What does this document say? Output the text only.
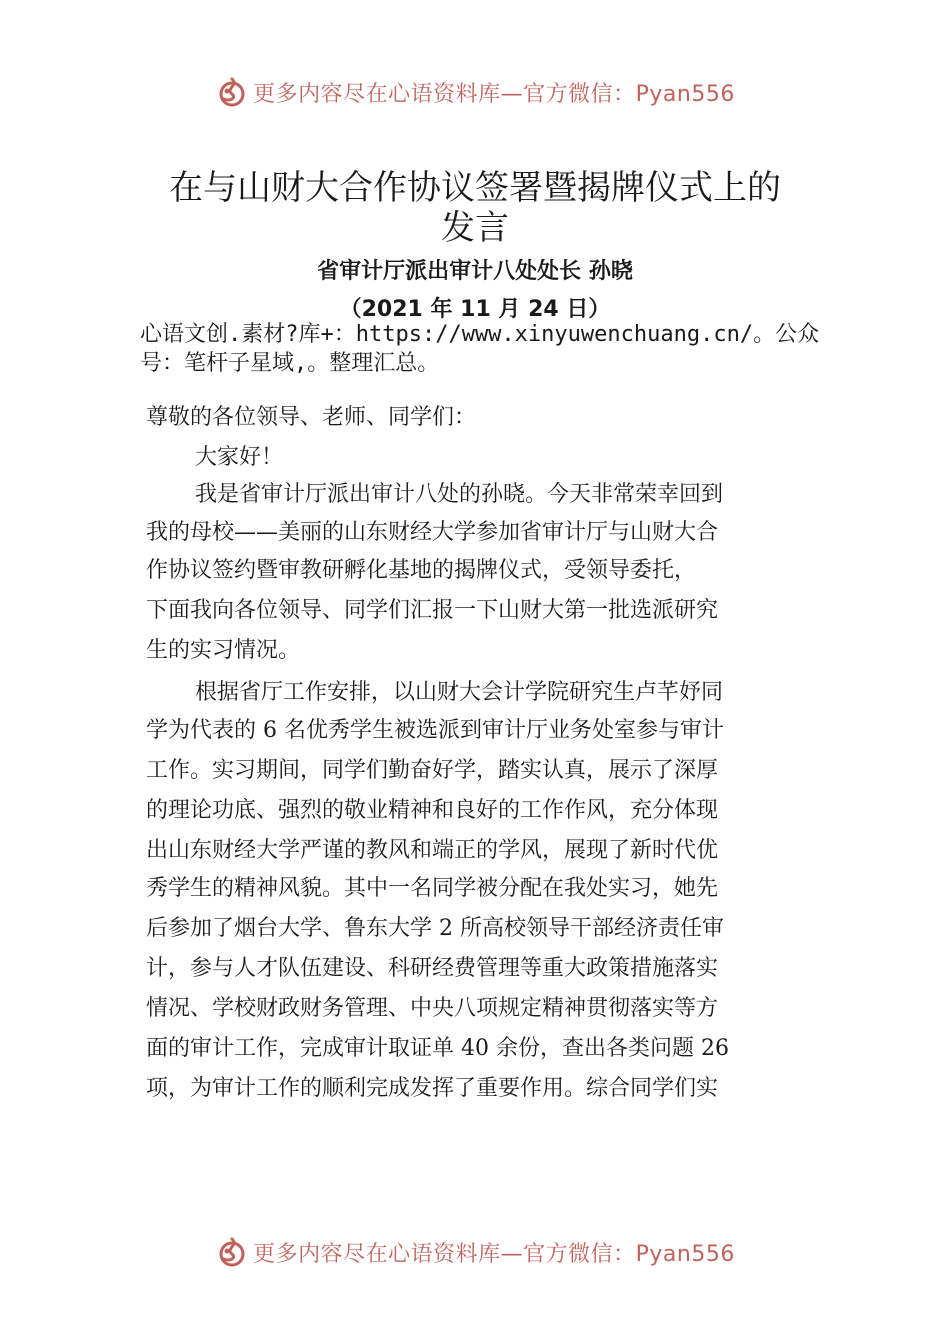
更多内容尽在心语资料库—官方微信：Pyan556
在与山财大合作协议签署暨揭牌仪式上的
发言
省审计厅派出审计八处处长 孙晓
（2021 年 11 月 24 日）
心语文创.素材?库+：https://www.xinyuwenchuang.cn/。公众号：笔杆子星域,。整理汇总。
尊敬的各位领导、老师、同学们：
大家好！
我是省审计厅派出审计八处的孙晓。今天非常荣幸回到
我的母校——美丽的山东财经大学参加省审计厅与山财大合
作协议签约暨审教研孵化基地的揭牌仪式，受领导委托，
下面我向各位领导、同学们汇报一下山财大第一批选派研究
生的实习情况。
根据省厅工作安排，以山财大会计学院研究生卢芊妤同
学为代表的 6 名优秀学生被选派到审计厅业务处室参与审计
工作。实习期间，同学们勤奋好学，踏实认真，展示了深厚
的理论功底、强烈的敬业精神和良好的工作作风，充分体现
出山东财经大学严谨的教风和端正的学风，展现了新时代优
秀学生的精神风貌。其中一名同学被分配在我处实习，她先
后参加了烟台大学、鲁东大学 2 所高校领导干部经济责任审
计，参与人才队伍建设、科研经费管理等重大政策措施落实
情况、学校财政财务管理、中央八项规定精神贯彻落实等方
面的审计工作，完成审计取证单 40 余份，查出各类问题 26
项，为审计工作的顺利完成发挥了重要作用。综合同学们实
更多内容尽在心语资料库—官方微信：Pyan556
